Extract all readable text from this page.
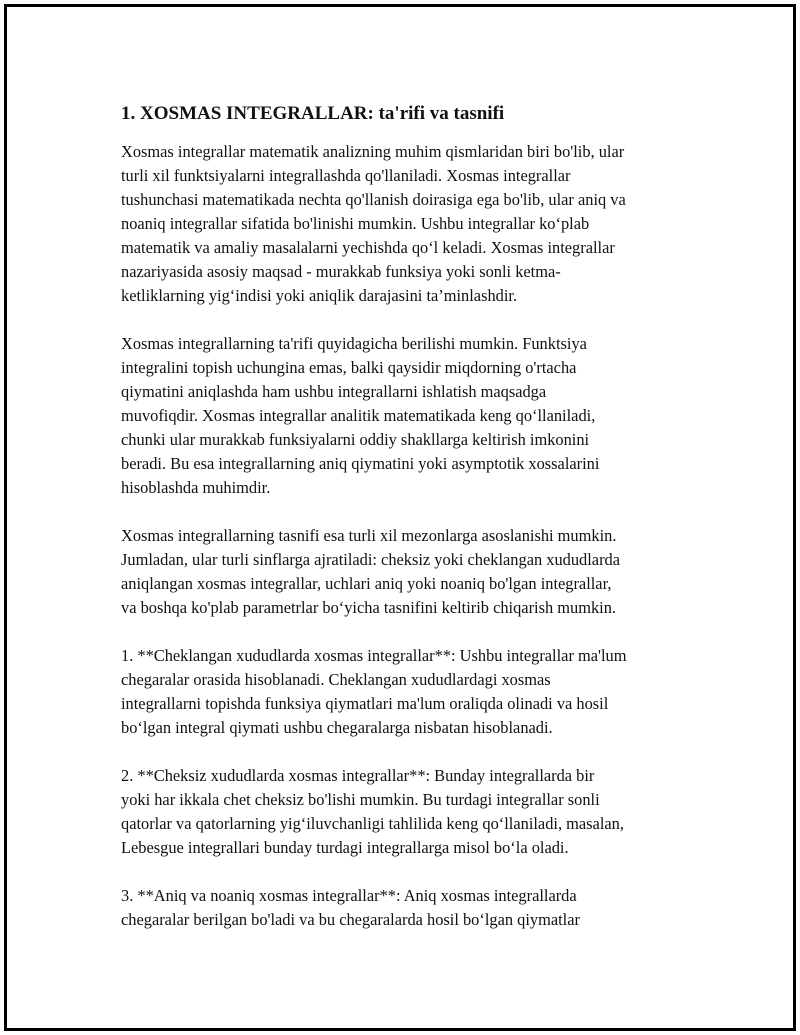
1. XOSMAS INTEGRALLAR: ta'rifi va tasnifi

Xosmas integrallar matematik analizning muhim qismlaridan biri bo'lib, ular
turli xil funktsiyalarni integrallashda qo'llaniladi. Xosmas integrallar
tushunchasi matematikada nechta qo'llanish doirasiga ega bo'lib, ular aniq va
noaniq integrallar sifatida bo'linishi mumkin. Ushbu integrallar ko‘plab
matematik va amaliy masalalarni yechishda qo‘l keladi. Xosmas integrallar
nazariyasida asosiy maqsad - murakkab funksiya yoki sonli ketma-
ketliklarning yig‘indisi yoki aniqlik darajasini ta’minlashdir.

Xosmas integrallarning ta'rifi quyidagicha berilishi mumkin. Funktsiya
integralini topish uchungina emas, balki qaysidir miqdorning o'rtacha
qiymatini aniqlashda ham ushbu integrallarni ishlatish maqsadga
muvofiqdir. Xosmas integrallar analitik matematikada keng qo‘llaniladi,
chunki ular murakkab funksiyalarni oddiy shakllarga keltirish imkonini
beradi. Bu esa integrallarning aniq qiymatini yoki asymptotik xossalarini
hisoblashda muhimdir.

Xosmas integrallarning tasnifi esa turli xil mezonlarga asoslanishi mumkin.
Jumladan, ular turli sinflarga ajratiladi: cheksiz yoki cheklangan xududlarda
aniqlangan xosmas integrallar, uchlari aniq yoki noaniq bo'lgan integrallar,
va boshqa ko'plab parametrlar bo‘yicha tasnifini keltirib chiqarish mumkin.

1. **Cheklangan xududlarda xosmas integrallar**: Ushbu integrallar ma'lum
chegaralar orasida hisoblanadi. Cheklangan xududlardagi xosmas
integrallarni topishda funksiya qiymatlari ma'lum oraliqda olinadi va hosil
bo‘lgan integral qiymati ushbu chegaralarga nisbatan hisoblanadi.

2. **Cheksiz xududlarda xosmas integrallar**: Bunday integrallarda bir
yoki har ikkala chet cheksiz bo'lishi mumkin. Bu turdagi integrallar sonli
qatorlar va qatorlarning yig‘iluvchanligi tahlilida keng qo‘llaniladi, masalan,
Lebesgue integrallari bunday turdagi integrallarga misol bo‘la oladi.

3. **Aniq va noaniq xosmas integrallar**: Aniq xosmas integrallarda
chegaralar berilgan bo'ladi va bu chegaralarda hosil bo‘lgan qiymatlar
